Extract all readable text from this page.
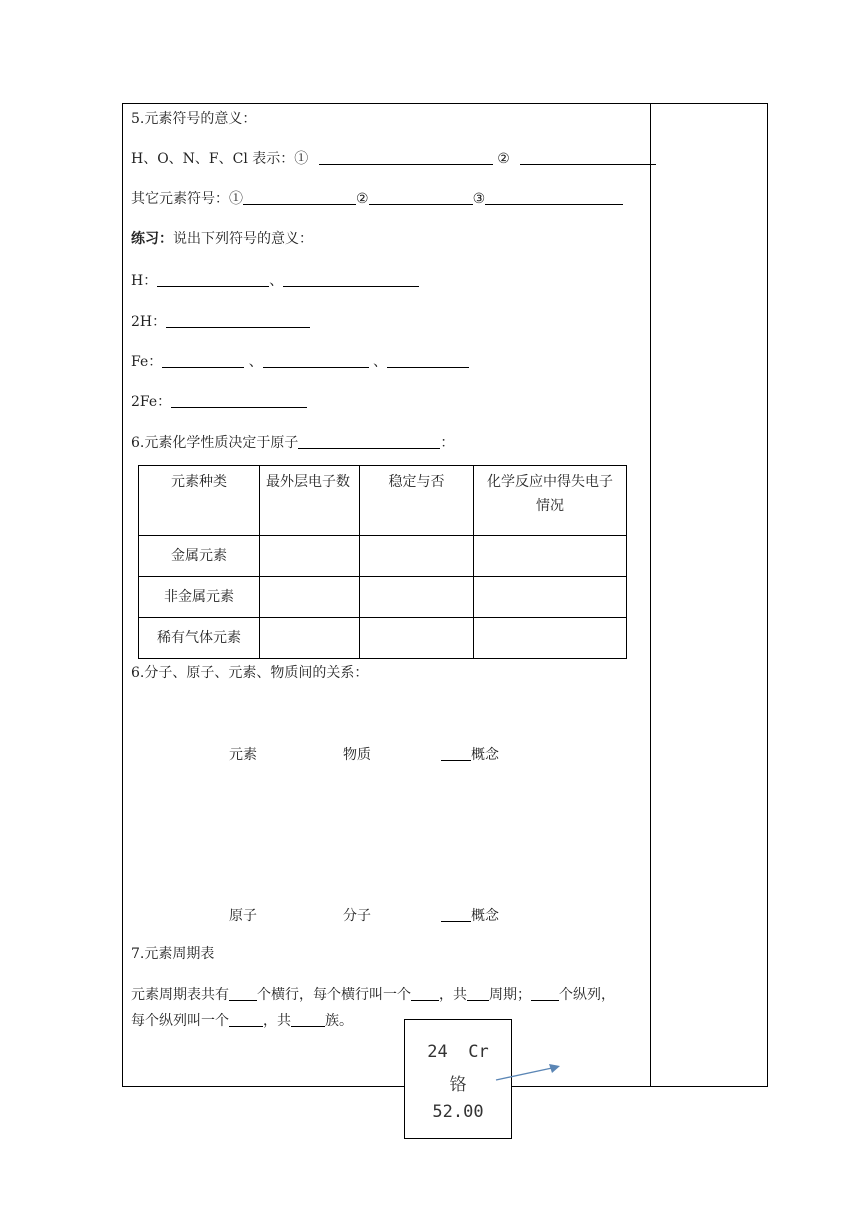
5.元素符号的意义：
H、O、N、F、Cl 表示：①	②
其它元素符号：①	②	③
练习：说出下列符号的意义：
H：	、
2H：
Fe：	、	、
2Fe：
6.元素化学性质决定于原子	：
元素种类	最外层电子数	稳定与否	化学反应中得失电子情况
金属元素			
非金属元素			
稀有气体元素			
6.分子、原子、元素、物质间的关系：
元素	物质	概念
原子	分子	概念
7.元素周期表
元素周期表共有 个横行，每个横行叫一个 ，共 周期； 个纵列，
每个纵列叫一个 ，共 族。
24 Cr
铬
52.00
